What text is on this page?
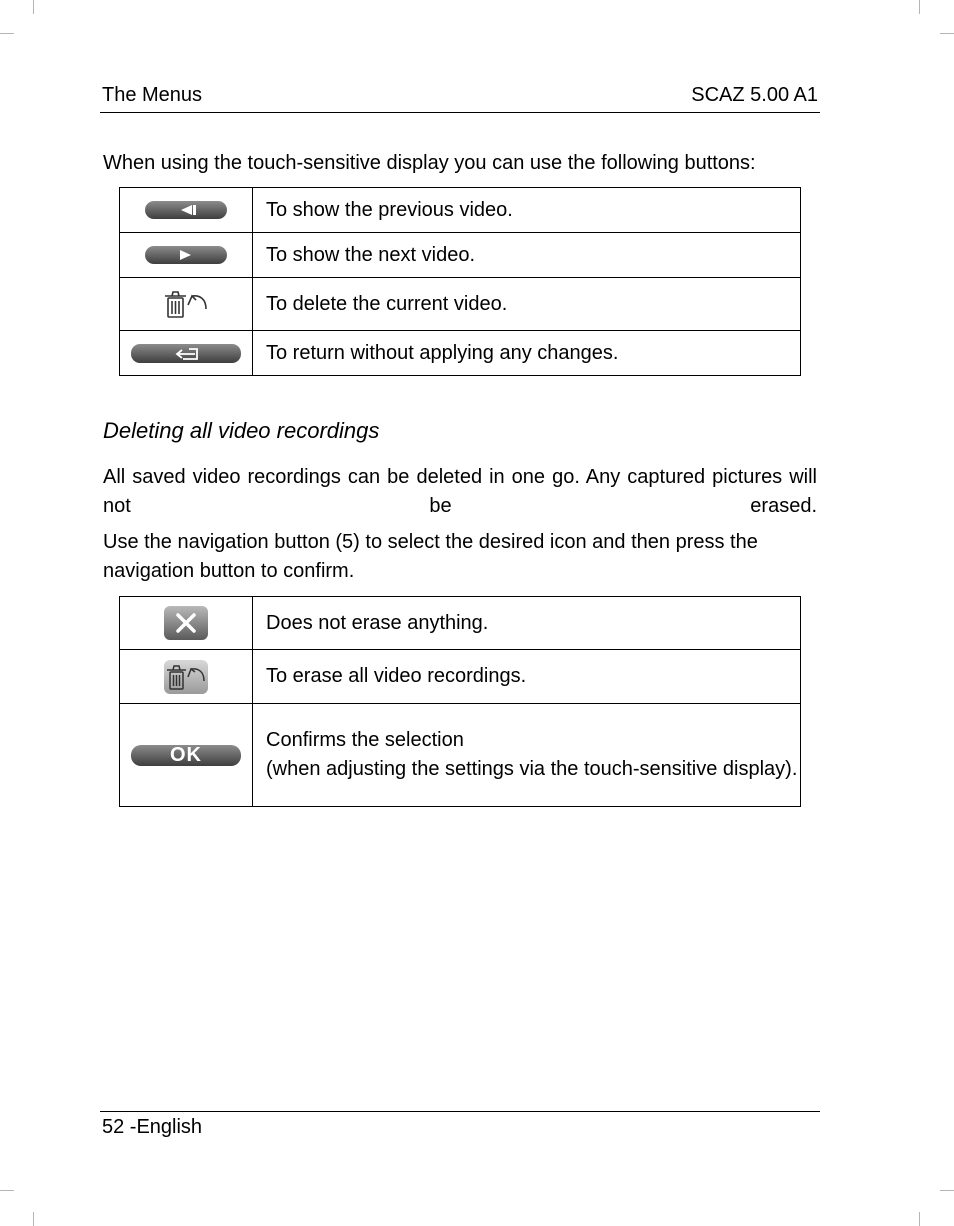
The Menus	SCAZ 5.00 A1

When using the touch-sensitive display you can use the following buttons:

	To show the previous video.

	To show the next video.

	To delete the current video.

	To return without applying any changes.
Deleting all video recordings

All saved video recordings can be deleted in one go. Any captured pictures will not be erased.

Use the navigation button (5) to select the desired icon and then press the navigation button to confirm.

	Does not erase anything.

	To erase all video recordings.
OK	Confirms the selection
(when adjusting the settings via the touch-sensitive display).
52 -English
